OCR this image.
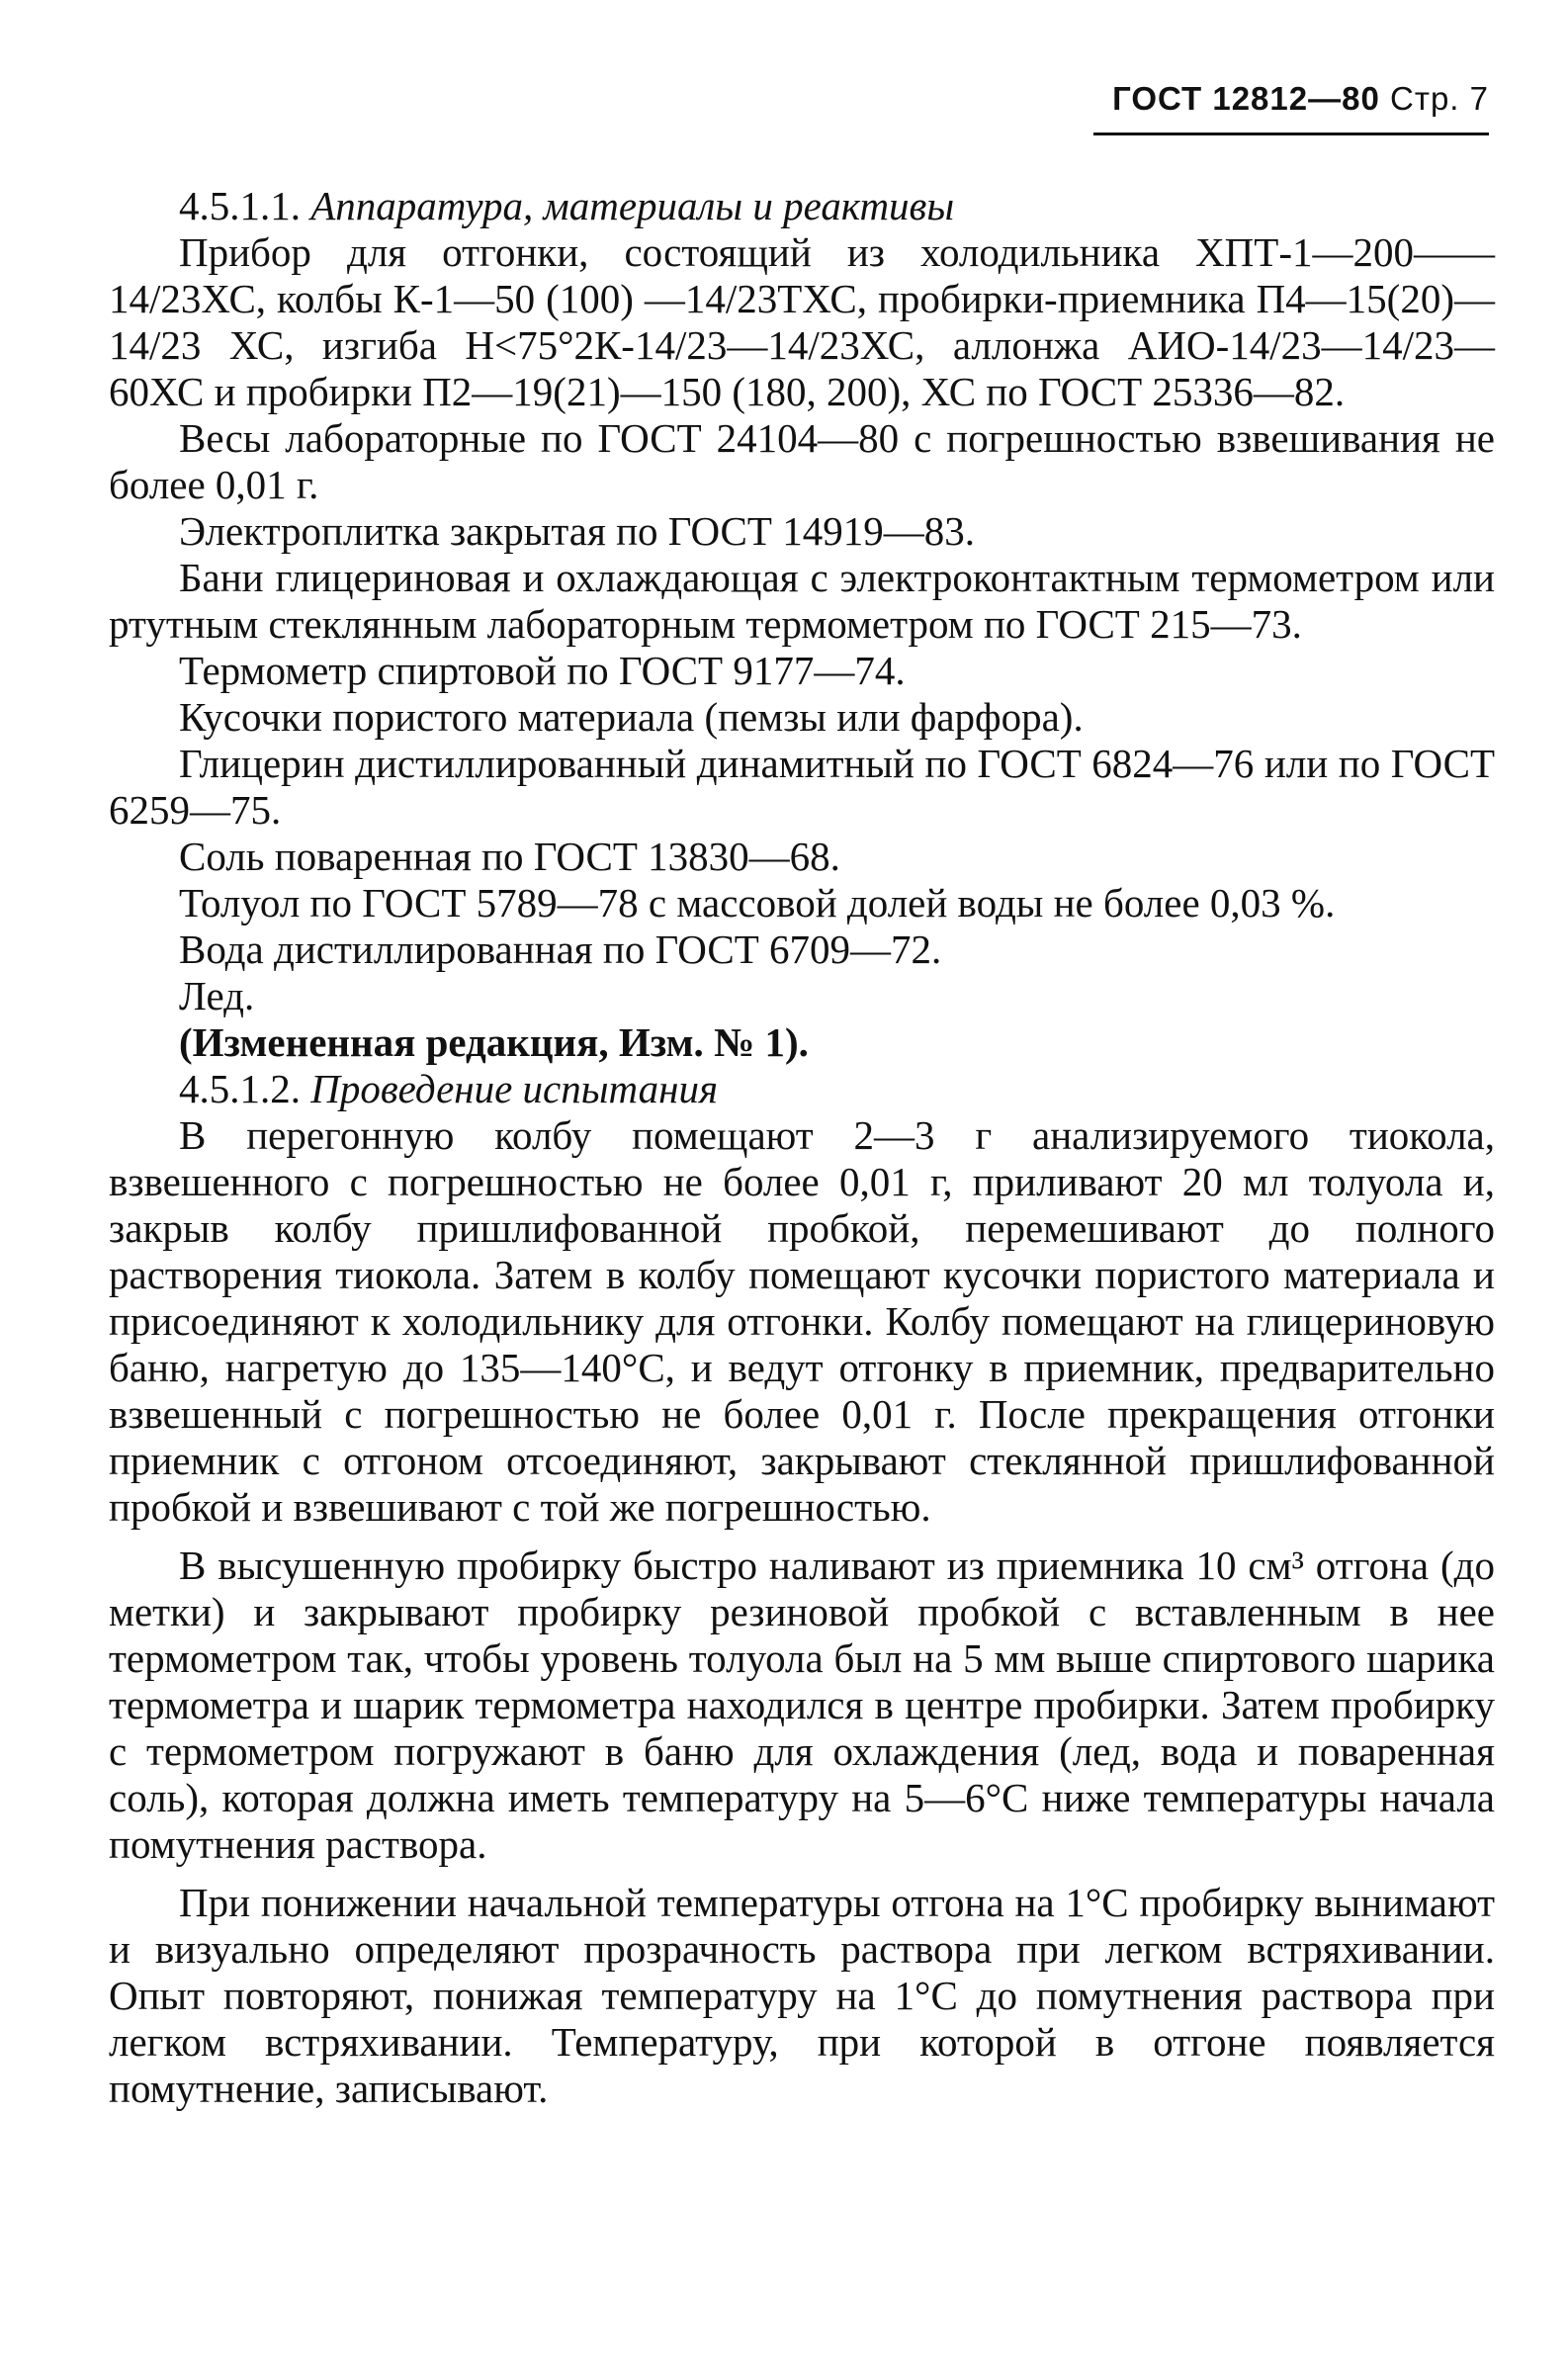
ГОСТ 12812—80 Стр. 7

4.5.1.1. Аппаратура, материалы и реактивы

Прибор для отгонки, состоящий из холодильника ХПТ-1—200——14/23ХС, колбы К-1—50 (100) —14/23ТХС, пробирки-приемника П4—15(20)—14/23 ХС, изгиба Н<75°2К-14/23—14/23ХС, аллонжа АИО-14/23—14/23—60ХС и пробирки П2—19(21)—150 (180, 200), ХС по ГОСТ 25336—82.

Весы лабораторные по ГОСТ 24104—80 с погрешностью взвешивания не более 0,01 г.

Электроплитка закрытая по ГОСТ 14919—83.

Бани глицериновая и охлаждающая с электроконтактным термометром или ртутным стеклянным лабораторным термометром по ГОСТ 215—73.

Термометр спиртовой по ГОСТ 9177—74.

Кусочки пористого материала (пемзы или фарфора).

Глицерин дистиллированный динамитный по ГОСТ 6824—76 или по ГОСТ 6259—75.

Соль поваренная по ГОСТ 13830—68.

Толуол по ГОСТ 5789—78 с массовой долей воды не более 0,03 %.

Вода дистиллированная по ГОСТ 6709—72.

Лед.

(Измененная редакция, Изм. № 1).

4.5.1.2. Проведение испытания

В перегонную колбу помещают 2—3 г анализируемого тиокола, взвешенного с погрешностью не более 0,01 г, приливают 20 мл толуола и, закрыв колбу пришлифованной пробкой, перемешивают до полного растворения тиокола. Затем в колбу помещают кусочки пористого материала и присоединяют к холодильнику для отгонки. Колбу помещают на глицериновую баню, нагретую до 135—140°С, и ведут отгонку в приемник, предварительно взвешенный с погрешностью не более 0,01 г. После прекращения отгонки приемник с отгоном отсоединяют, закрывают стеклянной пришлифованной пробкой и взвешивают с той же погрешностью.

В высушенную пробирку быстро наливают из приемника 10 см³ отгона (до метки) и закрывают пробирку резиновой пробкой с вставленным в нее термометром так, чтобы уровень толуола был на 5 мм выше спиртового шарика термометра и шарик термометра находился в центре пробирки. Затем пробирку с термометром погружают в баню для охлаждения (лед, вода и поваренная соль), которая должна иметь температуру на 5—6°С ниже температуры начала помутнения раствора.

При понижении начальной температуры отгона на 1°С пробирку вынимают и визуально определяют прозрачность раствора при легком встряхивании. Опыт повторяют, понижая температуру на 1°С до помутнения раствора при легком встряхивании. Температуру, при которой в отгоне появляется помутнение, записывают.
